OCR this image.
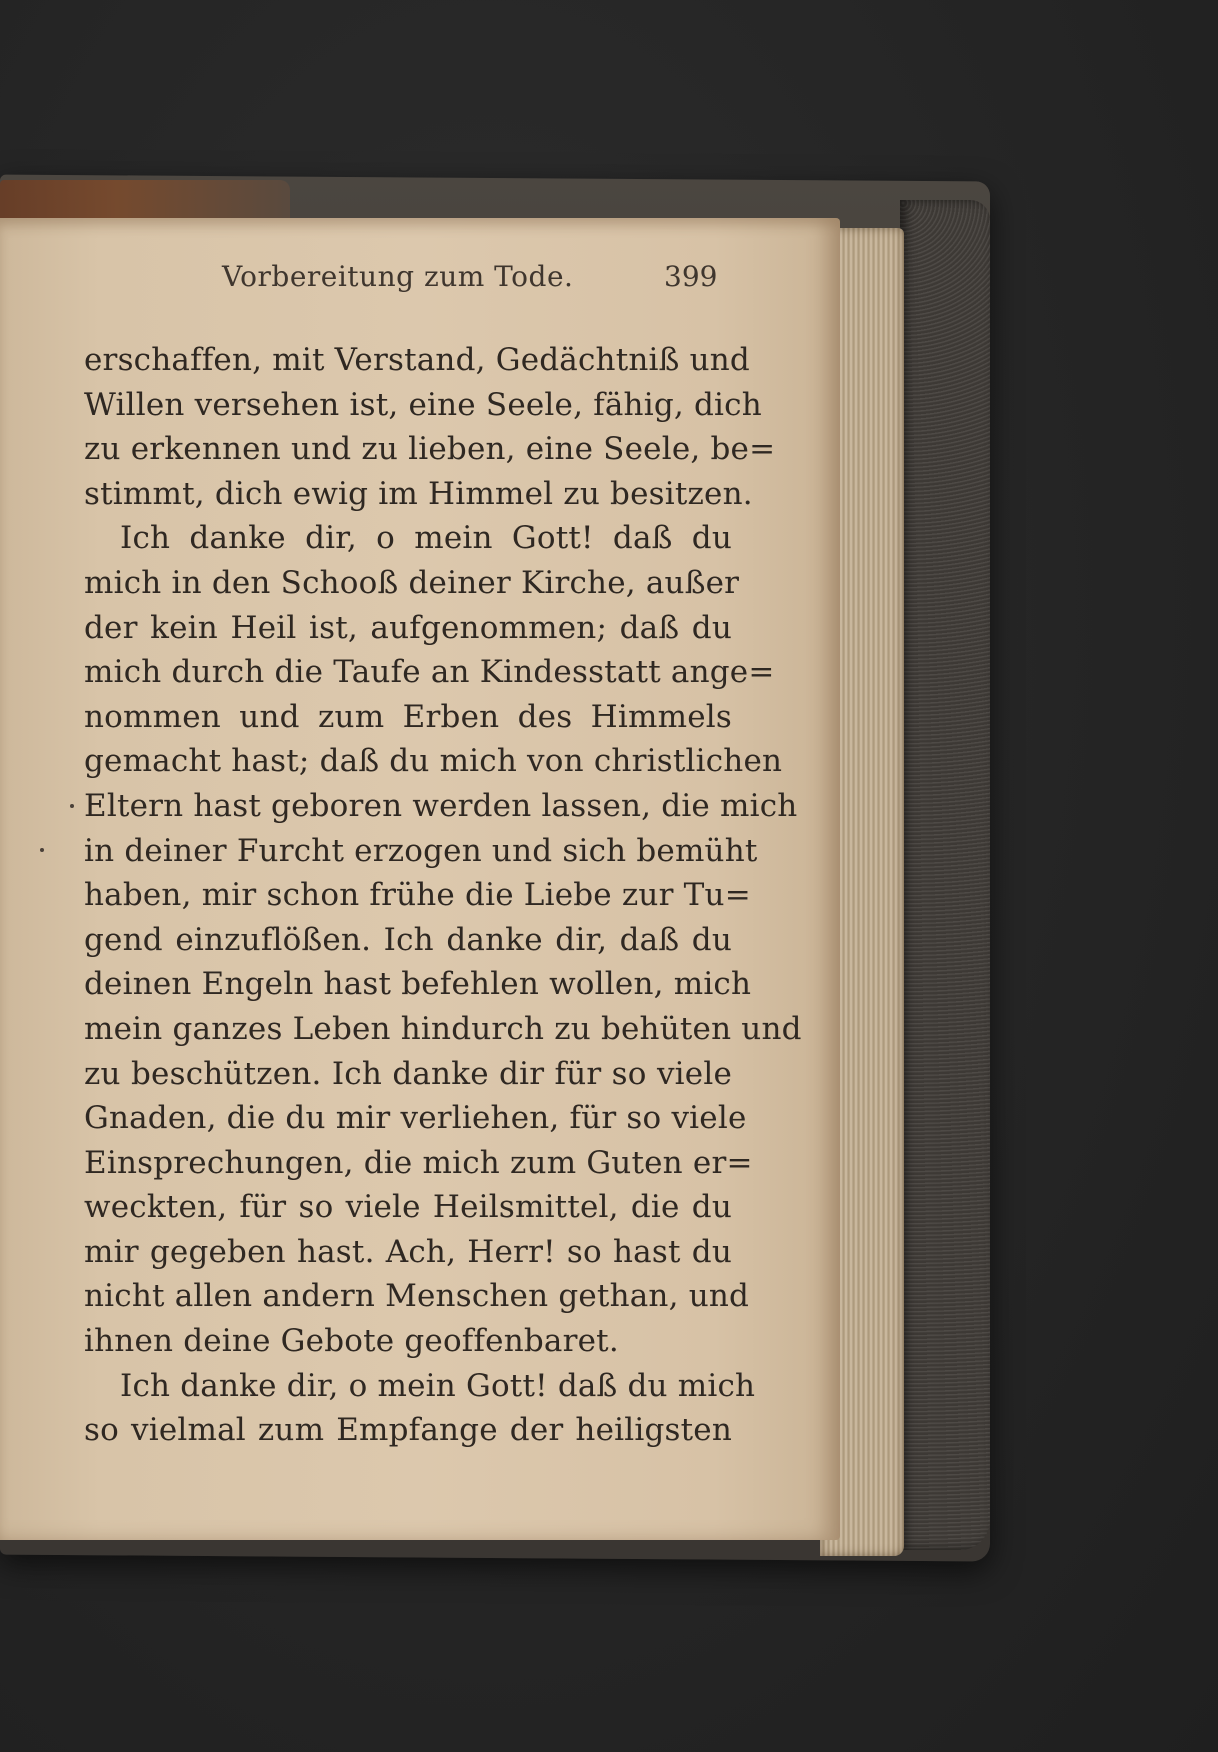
Vorbereitung zum Tode.	399
erschaffen, mit Verstand, Gedächtniß und
Willen versehen ist, eine Seele, fähig, dich
zu erkennen und zu lieben, eine Seele, be=
stimmt, dich ewig im Himmel zu besitzen.
Ich danke dir, o mein Gott! daß du
mich in den Schooß deiner Kirche, außer
der kein Heil ist, aufgenommen; daß du
mich durch die Taufe an Kindesstatt ange=
nommen und zum Erben des Himmels
gemacht hast; daß du mich von christlichen
Eltern hast geboren werden lassen, die mich
in deiner Furcht erzogen und sich bemüht
haben, mir schon frühe die Liebe zur Tu=
gend einzuflößen. Ich danke dir, daß du
deinen Engeln hast befehlen wollen, mich
mein ganzes Leben hindurch zu behüten und
zu beschützen. Ich danke dir für so viele
Gnaden, die du mir verliehen, für so viele
Einsprechungen, die mich zum Guten er=
weckten, für so viele Heilsmittel, die du
mir gegeben hast. Ach, Herr! so hast du
nicht allen andern Menschen gethan, und
ihnen deine Gebote geoffenbaret.
Ich danke dir, o mein Gott! daß du mich
so vielmal zum Empfange der heiligsten
